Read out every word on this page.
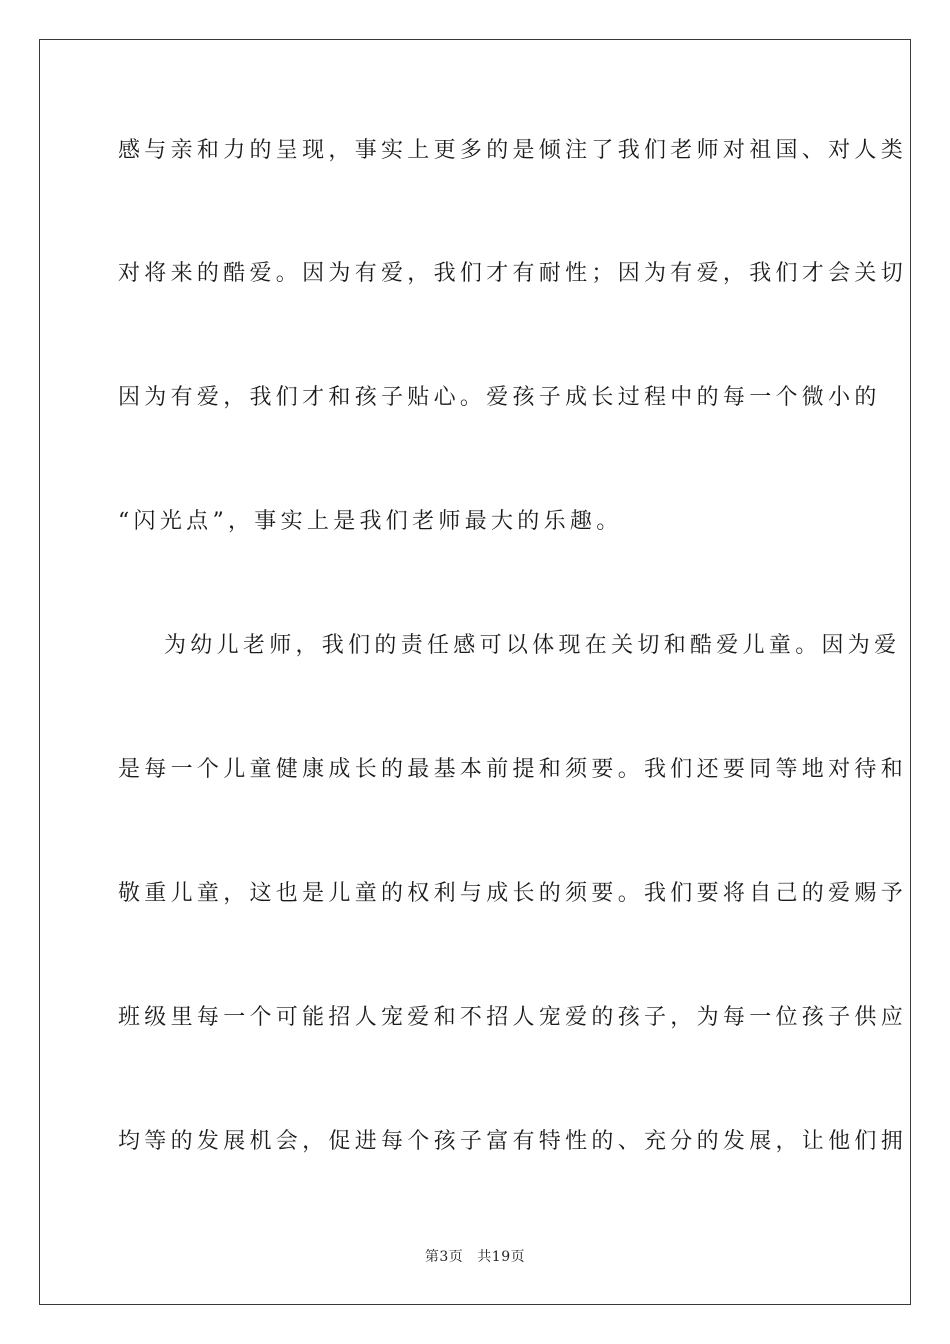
感与亲和力的呈现，事实上更多的是倾注了我们老师对祖国、对人类
对将来的酷爱。因为有爱，我们才有耐性；因为有爱，我们才会关切
因为有爱，我们才和孩子贴心。爱孩子成长过程中的每一个微小的
“闪光点”，事实上是我们老师最大的乐趣。
为幼儿老师，我们的责任感可以体现在关切和酷爱儿童。因为爱
是每一个儿童健康成长的最基本前提和须要。我们还要同等地对待和
敬重儿童，这也是儿童的权利与成长的须要。我们要将自己的爱赐予
班级里每一个可能招人宠爱和不招人宠爱的孩子，为每一位孩子供应
均等的发展机会，促进每个孩子富有特性的、充分的发展，让他们拥
第3页 共19页
